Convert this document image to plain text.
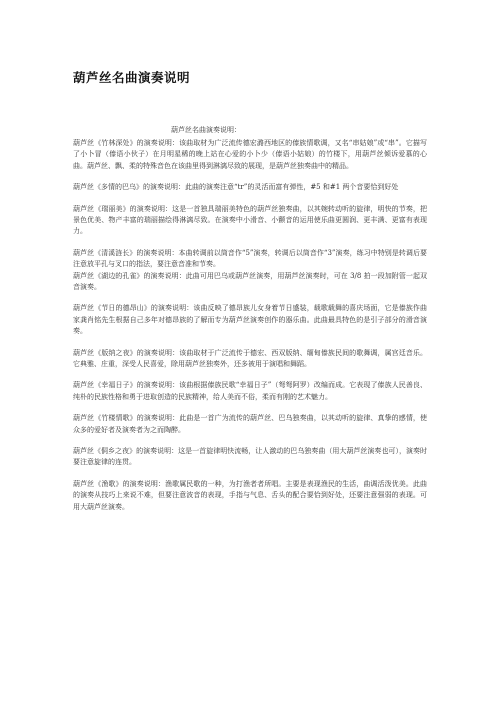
葫芦丝名曲演奏说明

葫芦丝名曲演奏说明：

葫芦丝《竹林深处》的演奏说明：该曲取材为广泛流传德宏潞西地区的傣族情歌调，又名“串姑娘”或“串”。它描写了小卜冒（傣语小伙子）在月明星稀的晚上站在心爱的小卜少（傣语小姑娘）的竹楼下，用葫芦丝倾诉爱慕的心曲。葫芦丝、飘、柔的特殊音色在该曲里得到淋漓尽致的展现，是葫芦丝独奏曲中的精品。

葫芦丝《多情的巴乌》的演奏说明：此曲的演奏注意“tr”的灵活而富有弹性，#5 和#1 两个音要恰到好处

葫芦丝《瑞丽美》的演奏说明：这是一首独具瑞丽美特色的葫芦丝独奏曲，以其婉转动听的旋律，明快的节奏，把景色优美、物产丰富的瑞丽描绘得淋漓尽致。在演奏中小滑音、小颤音的运用使乐曲更圆润、更丰满、更富有表现力。

葫芦丝《清溪涟长》的演奏说明：本曲转调前以筒音作“5”演奏，转调后以筒音作“3”演奏，练习中特别是转调后要注意放平孔与叉口的指法，要注意音准和节奏。

葫芦丝《湖边的孔雀》的演奏说明：此曲可用巴乌或葫芦丝演奏，用葫芦丝演奏时，可在 3/8 拍一段加附管一起双音演奏。

葫芦丝《节日的德昂山》的演奏说明：该曲反映了德昂族儿女身着节日盛装，载歌载舞的喜庆场面，它是傣族作曲家龚肖铭先生根据自己多年对德昂族的了解而专为葫芦丝演奏创作的器乐曲。此曲最具特色的是引子部分的滑音演奏。

葫芦丝《版纳之夜》的演奏说明：该曲取材于广泛流传于德宏、西双版纳、缅甸傣族民间的歌舞调，属宫廷音乐。它典雅、庄重，深受人民喜爱，除用葫芦丝独奏外，还多被用于演唱和舞蹈。

葫芦丝《幸福日子》的演奏说明：该曲根据傣族民歌“幸福日子”（弩弩阿罗）改编而成。它表现了傣族人民善良、纯朴的民族性格和勇于进取创造的民族精神，给人美而不俗，柔而有刚的艺术魅力。

葫芦丝《竹楼情歌》的演奏说明：此曲是一首广为流传的葫芦丝、巴乌独奏曲，以其动听的旋律、真挚的感情，使众多的爱好者及演奏者为之而陶醉。

葫芦丝《侗乡之夜》的演奏说明：这是一首旋律明快流畅，让人激动的巴乌独奏曲（用大葫芦丝演奏也可），演奏时要注意旋律的连贯。

葫芦丝《渔歌》的演奏说明：渔歌属民歌的一种，为打渔者者所唱。主要是表现渔民的生活，曲调活泼优美。此曲的演奏从技巧上来说不难，但要注意波音的表现，手指与气息、舌头的配合要恰到好处，还要注意强弱的表现。可用大葫芦丝演奏。
